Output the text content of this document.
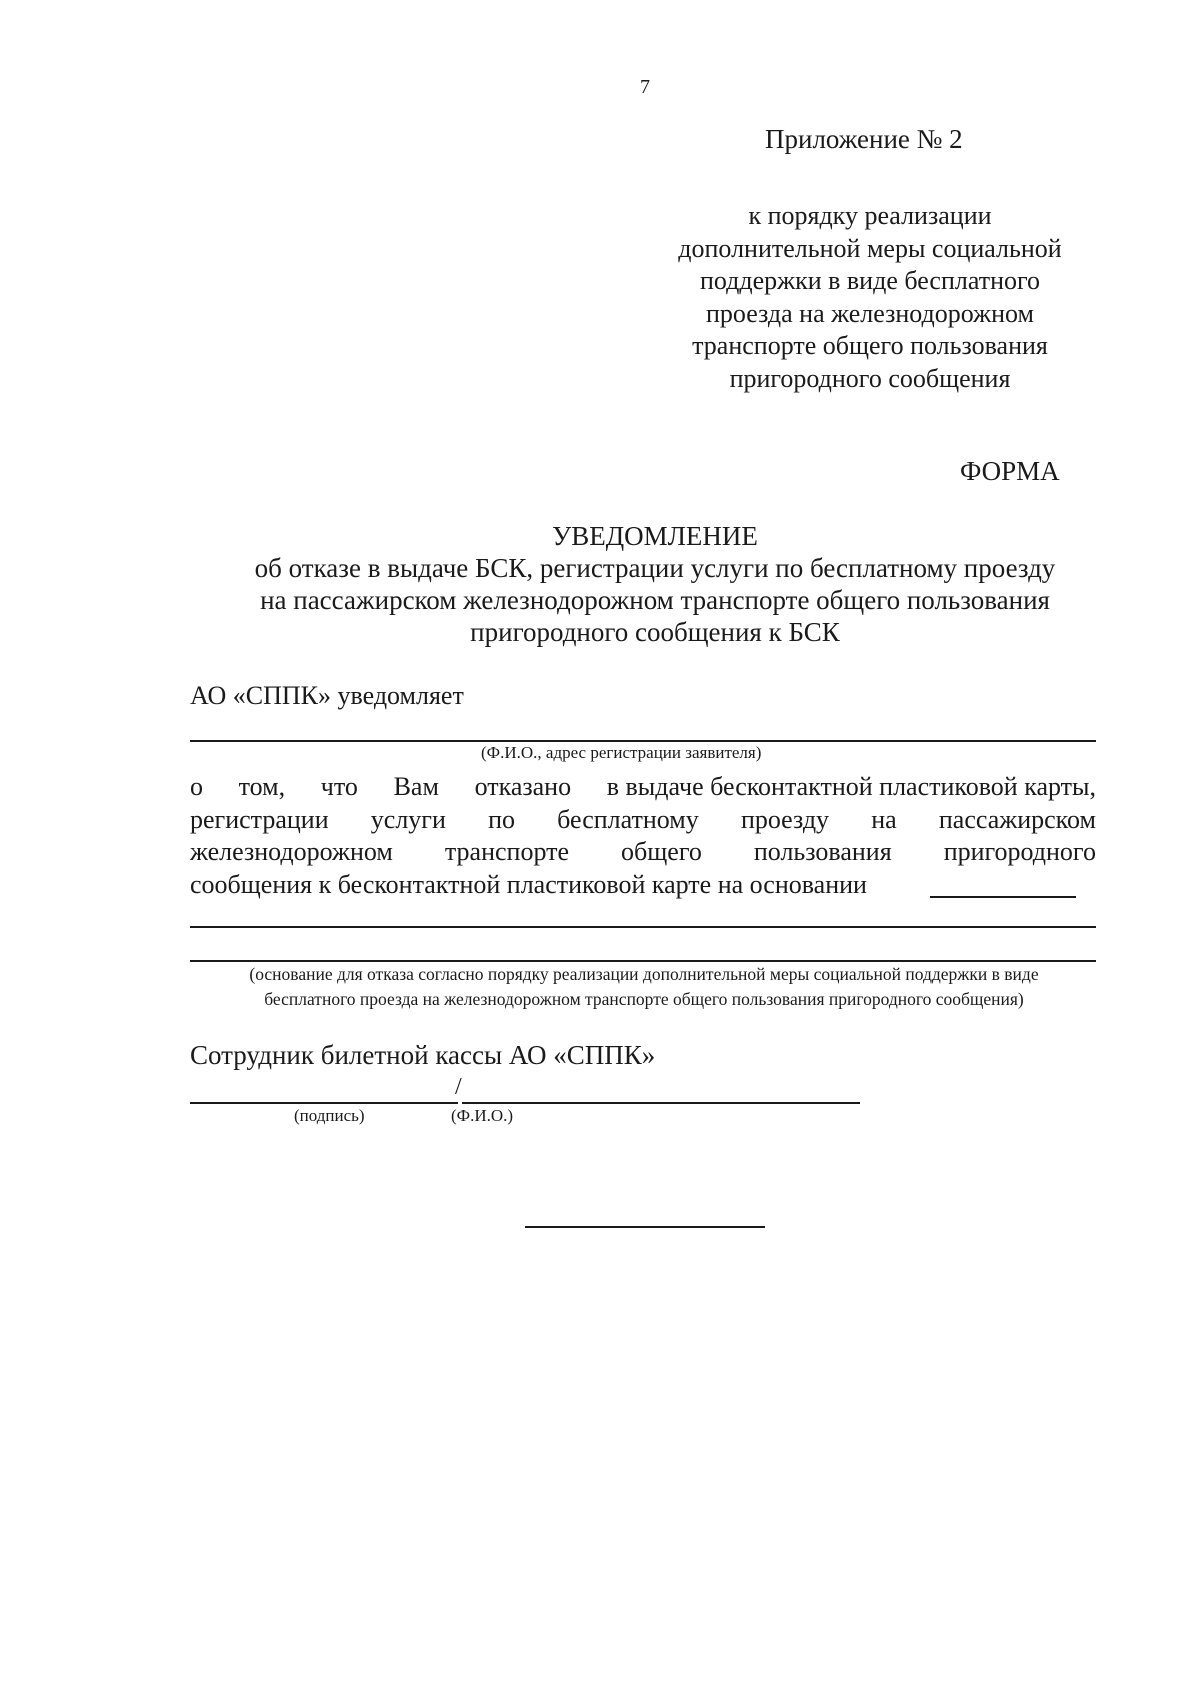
7
Приложение № 2
к порядку реализации
дополнительной меры социальной
поддержки в виде бесплатного
проезда на железнодорожном
транспорте общего пользования
пригородного сообщения
ФОРМА
УВЕДОМЛЕНИЕ
об отказе в выдаче БСК, регистрации услуги по бесплатному проезду
на пассажирском железнодорожном транспорте общего пользования
пригородного сообщения к БСК
АО «СППК» уведомляет
(Ф.И.О., адрес регистрации заявителя)
о том, что Вам отказано в выдаче бесконтактной пластиковой карты,
регистрации услуги по бесплатному проезду на пассажирском
железнодорожном транспорте общего пользования пригородного
сообщения к бесконтактной пластиковой карте на основании
(основание для отказа согласно порядку реализации дополнительной меры социальной поддержки в виде
бесплатного проезда на железнодорожном транспорте общего пользования пригородного сообщения)
Сотрудник билетной кассы АО «СППК»
/
(подпись)	(Ф.И.О.)
